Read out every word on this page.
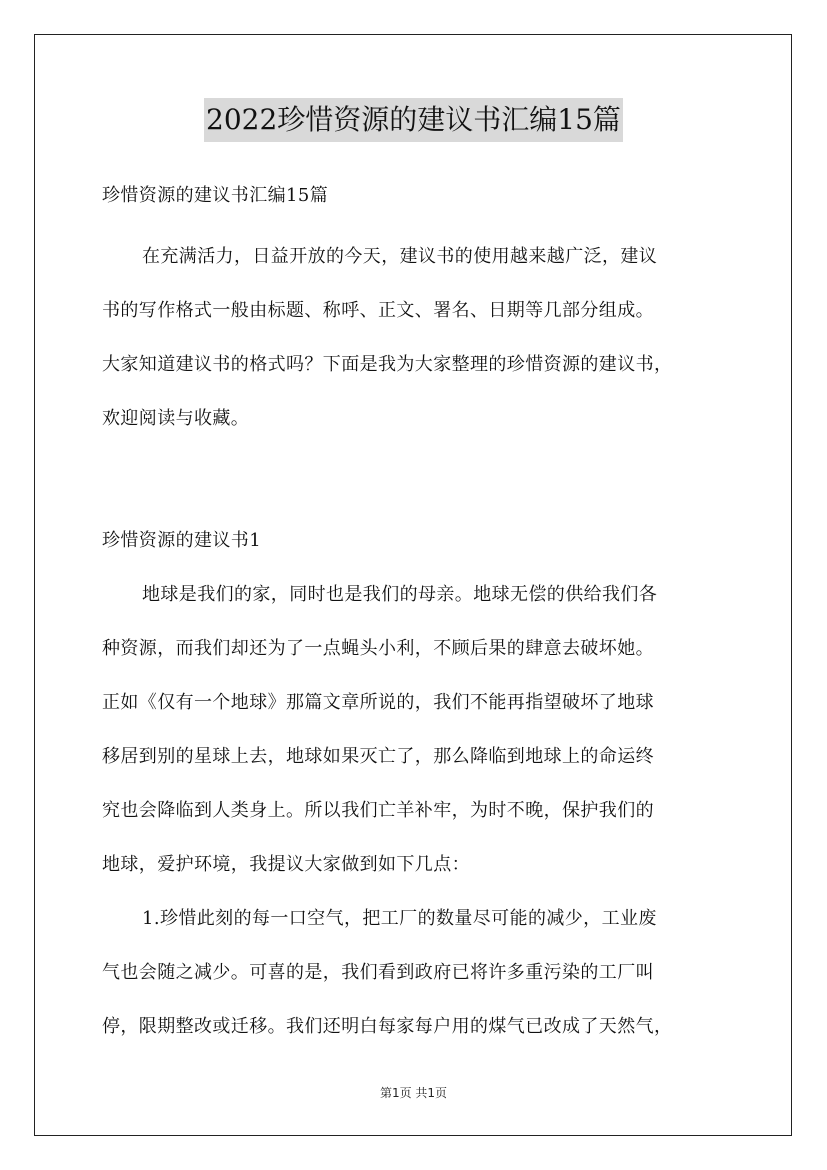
2022珍惜资源的建议书汇编15篇
珍惜资源的建议书汇编15篇
在充满活力，日益开放的今天，建议书的使用越来越广泛，建议
书的写作格式一般由标题、称呼、正文、署名、日期等几部分组成。
大家知道建议书的格式吗？下面是我为大家整理的珍惜资源的建议书，
欢迎阅读与收藏。
珍惜资源的建议书1
地球是我们的家，同时也是我们的母亲。地球无偿的供给我们各
种资源，而我们却还为了一点蝇头小利，不顾后果的肆意去破坏她。
正如《仅有一个地球》那篇文章所说的，我们不能再指望破坏了地球
移居到别的星球上去，地球如果灭亡了，那么降临到地球上的命运终
究也会降临到人类身上。所以我们亡羊补牢，为时不晚，保护我们的
地球，爱护环境，我提议大家做到如下几点：
1.珍惜此刻的每一口空气，把工厂的数量尽可能的减少，工业废
气也会随之减少。可喜的是，我们看到政府已将许多重污染的工厂叫
停，限期整改或迁移。我们还明白每家每户用的煤气已改成了天然气，
第1页 共1页
